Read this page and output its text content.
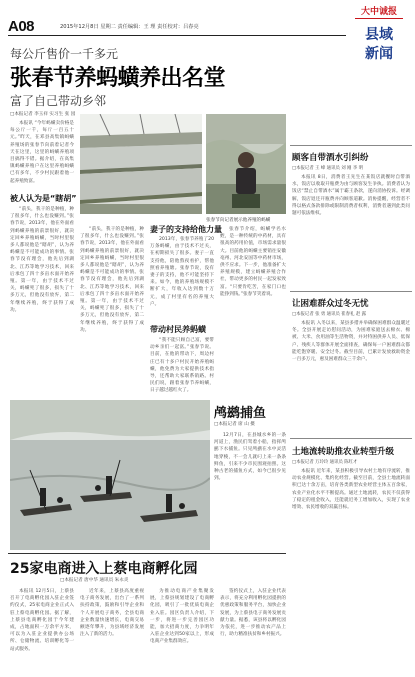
A08	2015年12月8日 星期二 责任编辑：王 理 责任校对：吕春亮
大中诚报
县域
新闻
每公斤售价一千多元
张春节养蚂蟥养出名堂
富了自己带动乡邻
□本报记者 李玉祥 实习生 张 园

本报讯 “今年蚂蟥卖价格是每公斤一千，每斤一百五十元。”昨天，在邓县高集镇蚂蟥养殖场的张春节向前着记者今天在这里，这里的蚂蟥养殖项目搞得不错。据介绍，在高集镇蚂蟥养殖户在这里养殖蚂蟥已有多年，不少村民跟着他一起养殖致富。

被人认为是“瞎胡”

“前头，我干的是种植，种了很多年，什么也没赚到。”张春节说，2013年，他在外面看到蚂蟥养殖的前景很好，就决定回乡养殖蚂蟥，当时村里很多人都说他是“瞎胡”，认为养蚂蟥是不可能成功的事情。张春节没有理会，他先后到湖北、江苏等地学习技术，回来后承包了四十多亩水面开始养殖。第一年，由于技术不过关，蚂蟥死了很多，损失了十多万元，但他没有放弃，第二年继续养殖，终于获得了成功。

张春节向记者展示他养殖的蚂蟥

“前头，我干的是种植，种了很多年，什么也没赚到。”张春节说，2013年，他在外面看到蚂蟥养殖的前景很好，就决定回乡养殖蚂蟥，当时村里很多人都说他是“瞎胡”，认为养蚂蟥是不可能成功的事情。张春节没有理会，他先后到湖北、江苏等地学习技术，回来后承包了四十多亩水面开始养殖。第一年，由于技术不过关，蚂蟥死了很多，损失了十多万元，但他没有放弃，第二年继续养殖，终于获得了成功。

妻子的支持给他力量

2013年，张春节养殖了20万条蚂蟥，由于技术不过关，在初期损失了很多。妻子一直支持他，陪他熬夜看护，帮他照看养殖塘。张春节说，没有妻子的支持，他不可能坚持下来。如今，他的养殖场规模不断扩大，年收入达到数十万元，成了村里有名的养殖大户。

带动村民养蚂蟥

“我不能只顾自己富，要带动乡亲们一起富。”张春节说。目前，在他的带动下，周边村庄已有十多户村民开始养殖蚂蟥，他免费为大家提供技术指导，还帮助大家联系销路。村民们说，跟着张春节养蚂蟥，日子越过越红火了。

张春节介绍，蚂蟥学名水蛭，是一种传统的中药材，具有很高的药用价值，市场需求量很大。目前他的蚂蟥主要销往安徽亳州、河北安国等中药材市场，供不应求。下一步，他准备扩大养殖规模，建立蚂蟥养殖合作社，带动更多的村民一起发家致富。“只要肯吃苦，在家门口也能挣到钱。”张春节笑着说。

鸬鹚捕鱼
□本报记者 席 山 摄

12月7日，在县城水乡的一条河道上，渔民们驾着小船，指挥鸬鹚下水捕鱼。只见鸬鹚在水中灵活地穿梭，不一会儿就叼上来一条条鲜鱼，引来不少市民围观拍照。这种古老的捕鱼方式，如今已很少见到。

25家电商进入上蔡电商孵化园
□本报记者 唐中华 通讯员 朱永炎

本报讯 12月5日，上蔡县召开了电商孵化园入驻企业签约仪式，25家电商企业正式入驻上蔡电商孵化园。据了解，上蔡县电商孵化园于今年建成，占地面积一万余平方米，可以为入驻企业提供办公场所、仓储物流、培训孵化等一站式服务。

近年来，上蔡县高度重视电子商务发展，出台了一系列扶持政策，鼓励和引导企业和个人开展电子商务，全县电商企业数量快速增长，电商交易额逐年攀升，为县域经济发展注入了新的活力。

为推动电商产业集聚发展，上蔡县规划建设了电商孵化园，吸引了一批优质电商企业入驻。园区负责人介绍，下一步，将进一步完善园区功能，加大招商力度，力争明年入驻企业达到50家以上，形成电商产业集群效应。

签约仪式上，入驻企业代表表示，将充分利用孵化园提供的优惠政策和服务平台，加快企业发展，为上蔡县电子商务发展贡献力量。据悉，该县将以孵化园为依托，进一步推动农产品上行，助力精准扶贫和乡村振兴。

顾客自带酒水引纠纷
□本报记者 王 峰 通讯员 刘 刚 李 明

本报讯 8日，消费者王先生在某饭店就餐时自带酒水，饭店以收取开瓶费为由与顾客发生争执。消费者认为饭店“禁止自带酒水”属于霸王条款，遂向消协投诉。经调解，饭店退还开瓶费并向顾客道歉。消协提醒，经营者不得以格式条款排除或限制消费者权利，消费者遇到此类问题可依法维权。

让困难群众过冬无忧
□本报记者 张 勇 通讯员 崔春礼 赵 露

本报讯 入冬以来，某县多措并举确保困难群众温暖过冬。全县开展走访慰问活动，为困难家庭送去棉衣、棉被、大米、食用油等生活物资，并对特困供养人员、低保户、残疾人等群体开展全面排查，确保每一户困难群众都能吃饱穿暖、安全过冬。截至目前，已累计发放救助资金一百多万元，惠及困难群众三千余户。

土地流转助推农业转型升级
□本报记者 万玲玲 通讯员 陈红才

本报讯 近年来，某县积极引导农村土地有序流转，推动农业规模化、集约化经营。截至目前，全县土地流转面积已达十余万亩，培育各类新型农业经营主体五百余家，农业产业化水平不断提高。通过土地流转，农民不仅获得了稳定的租金收入，还能就近务工增加收入，实现了农业增效、农民增收的双赢目标。
